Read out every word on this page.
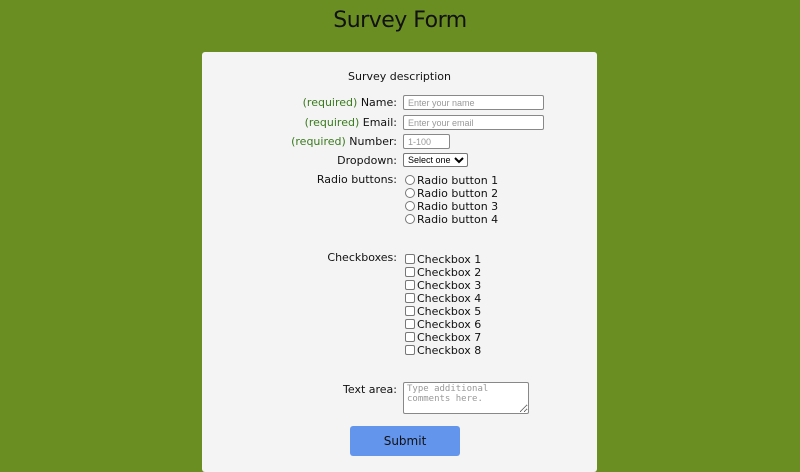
Survey Form
Survey description
(required) Name:
Enter your name
(required) Email:
Enter your email
(required) Number:
1-100
Dropdown:
Select one
Radio buttons:	Radio button 1
Radio button 2
Radio button 3
Radio button 4
Checkboxes:	Checkbox 1
Checkbox 2
Checkbox 3
Checkbox 4
Checkbox 5
Checkbox 6
Checkbox 7
Checkbox 8
Text area:
Type additional comments here.
Submit
